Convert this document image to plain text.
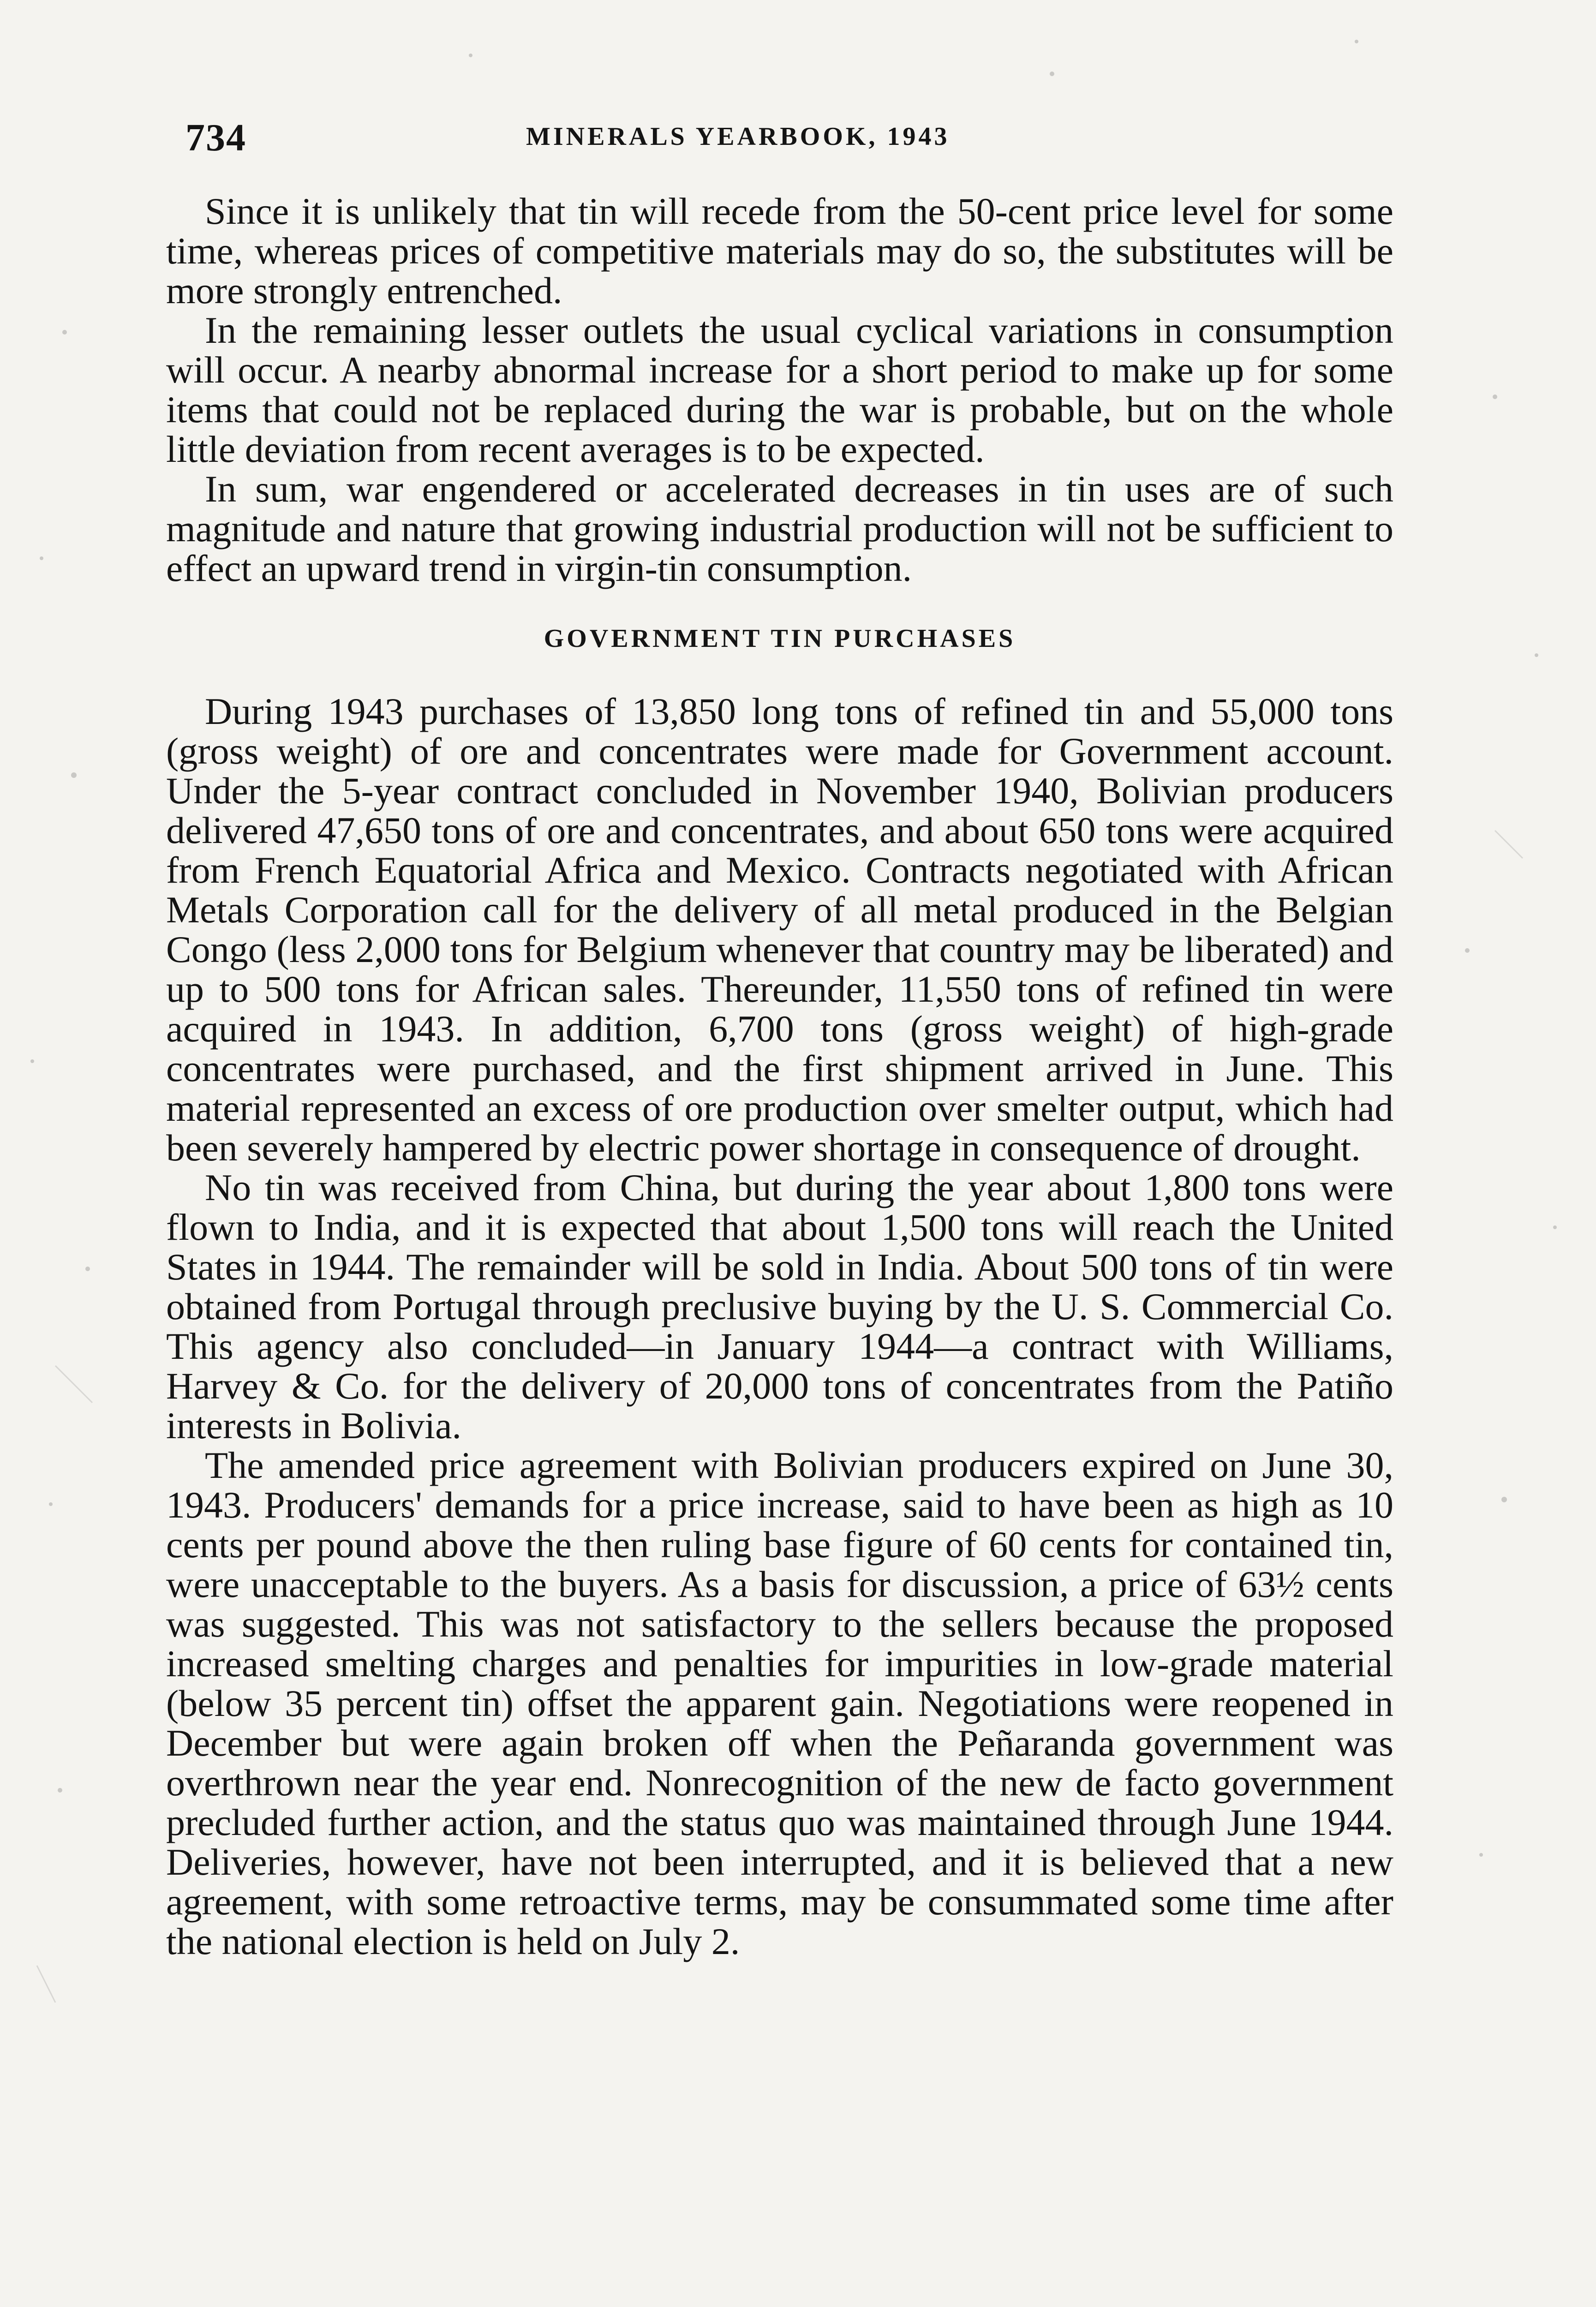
734	MINERALS YEARBOOK, 1943

Since it is unlikely that tin will recede from the 50-cent price level for some time, whereas prices of competitive materials may do so, the substitutes will be more strongly entrenched.

In the remaining lesser outlets the usual cyclical variations in consumption will occur. A nearby abnormal increase for a short period to make up for some items that could not be replaced during the war is probable, but on the whole little deviation from recent averages is to be expected.

In sum, war engendered or accelerated decreases in tin uses are of such magnitude and nature that growing industrial production will not be sufficient to effect an upward trend in virgin-tin consumption.

GOVERNMENT TIN PURCHASES

During 1943 purchases of 13,850 long tons of refined tin and 55,000 tons (gross weight) of ore and concentrates were made for Government account. Under the 5-year contract concluded in November 1940, Bolivian producers delivered 47,650 tons of ore and concentrates, and about 650 tons were acquired from French Equatorial Africa and Mexico. Contracts negotiated with African Metals Corporation call for the delivery of all metal produced in the Belgian Congo (less 2,000 tons for Belgium whenever that country may be liberated) and up to 500 tons for African sales. Thereunder, 11,550 tons of refined tin were acquired in 1943. In addition, 6,700 tons (gross weight) of high-grade concentrates were purchased, and the first shipment arrived in June. This material represented an excess of ore production over smelter output, which had been severely hampered by electric power shortage in consequence of drought.

No tin was received from China, but during the year about 1,800 tons were flown to India, and it is expected that about 1,500 tons will reach the United States in 1944. The remainder will be sold in India. About 500 tons of tin were obtained from Portugal through preclusive buying by the U. S. Commercial Co. This agency also concluded—in January 1944—a contract with Williams, Harvey & Co. for the delivery of 20,000 tons of concentrates from the Patiño interests in Bolivia.

The amended price agreement with Bolivian producers expired on June 30, 1943. Producers' demands for a price increase, said to have been as high as 10 cents per pound above the then ruling base figure of 60 cents for contained tin, were unacceptable to the buyers. As a basis for discussion, a price of 63½ cents was suggested. This was not satisfactory to the sellers because the proposed increased smelting charges and penalties for impurities in low-grade material (below 35 percent tin) offset the apparent gain. Negotiations were reopened in December but were again broken off when the Peñaranda government was overthrown near the year end. Nonrecognition of the new de facto government precluded further action, and the status quo was maintained through June 1944. Deliveries, however, have not been interrupted, and it is believed that a new agreement, with some retroactive terms, may be consummated some time after the national election is held on July 2.
